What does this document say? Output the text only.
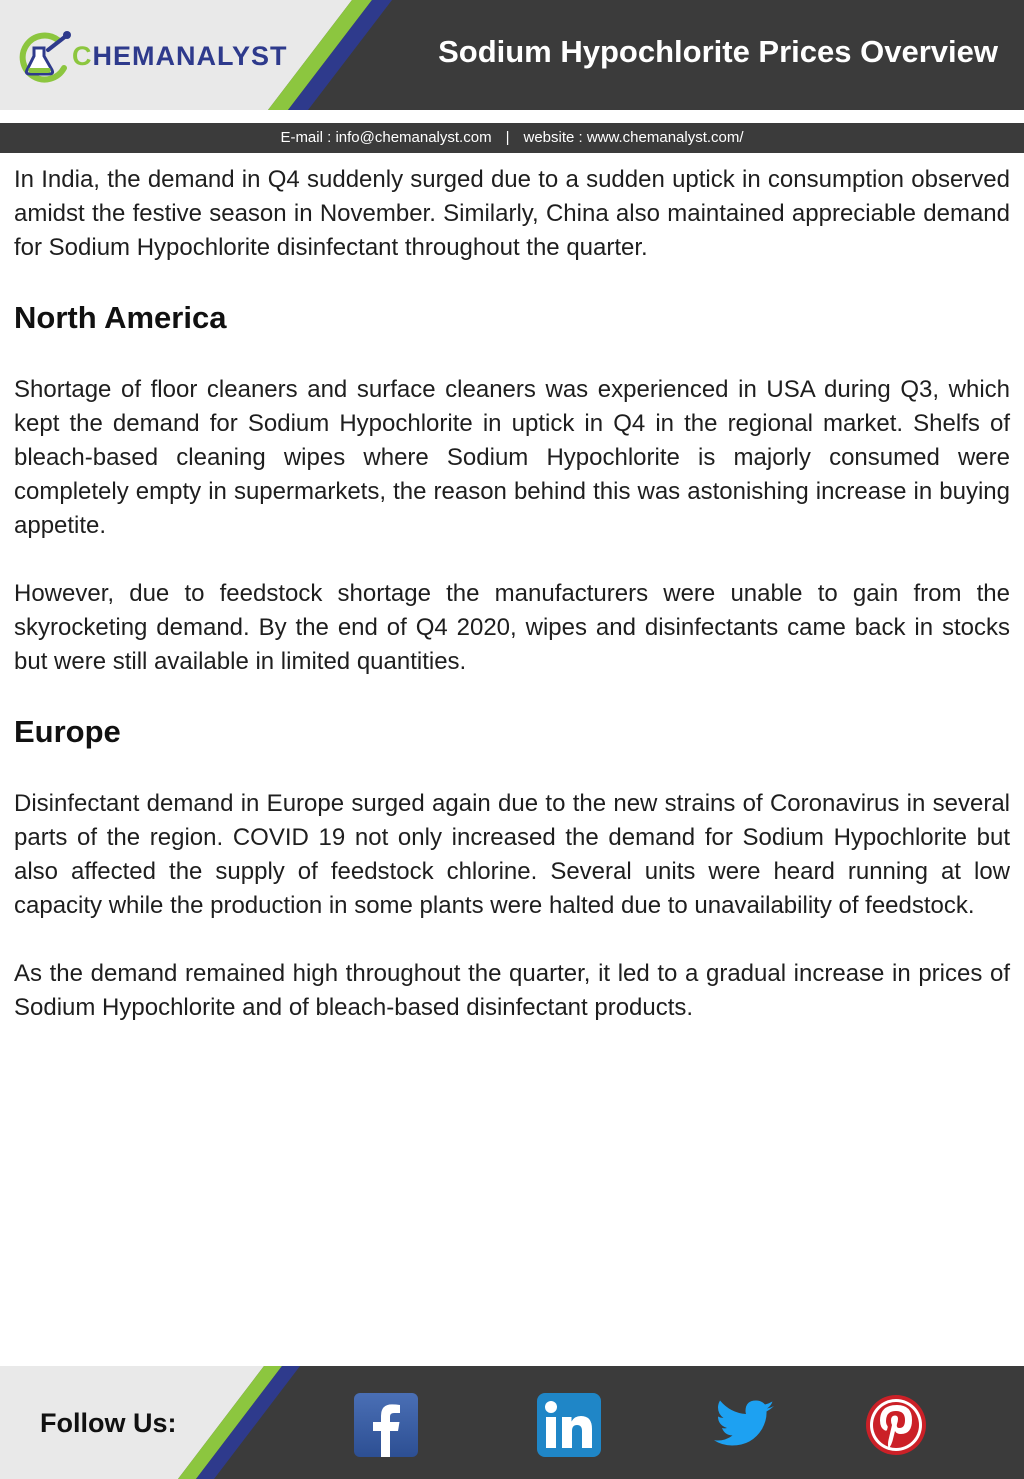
CHEMANALYST	Sodium Hypochlorite Prices Overview
E-mail : info@chemanalyst.com | website : www.chemanalyst.com/

In India, the demand in Q4 suddenly surged due to a sudden uptick in consumption observed amidst the festive season in November. Similarly, China also maintained appreciable demand for Sodium Hypochlorite disinfectant throughout the quarter.

North America

Shortage of floor cleaners and surface cleaners was experienced in USA during Q3, which kept the demand for Sodium Hypochlorite in uptick in Q4 in the regional market. Shelfs of bleach-based cleaning wipes where Sodium Hypochlorite is majorly consumed were completely empty in supermarkets, the reason behind this was astonishing increase in buying appetite.

However, due to feedstock shortage the manufacturers were unable to gain from the skyrocketing demand. By the end of Q4 2020, wipes and disinfectants came back in stocks but were still available in limited quantities.

Europe

Disinfectant demand in Europe surged again due to the new strains of Coronavirus in several parts of the region. COVID 19 not only increased the demand for Sodium Hypochlorite but also affected the supply of feedstock chlorine. Several units were heard running at low capacity while the production in some plants were halted due to unavailability of feedstock.

As the demand remained high throughout the quarter, it led to a gradual increase in prices of Sodium Hypochlorite and of bleach-based disinfectant products.

Follow Us:
